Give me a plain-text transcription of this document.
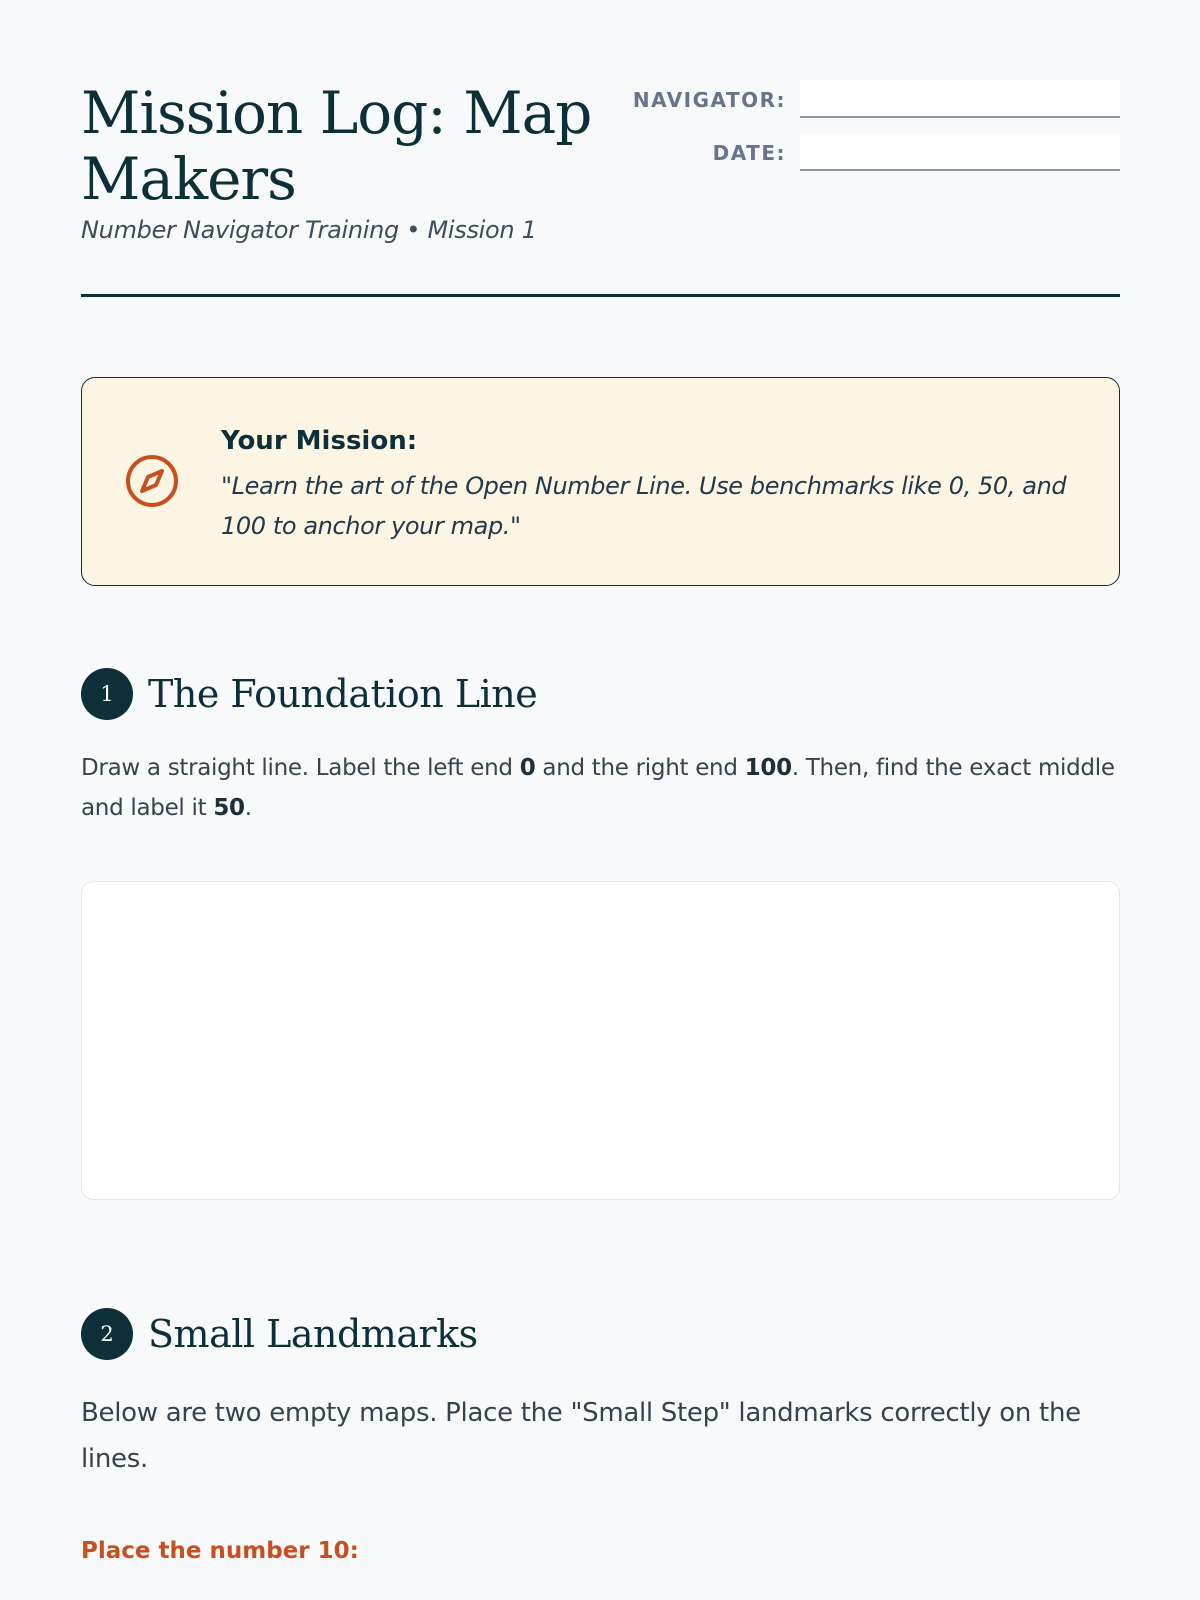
Mission Log: Map Makers
Number Navigator Training • Mission 1
NAVIGATOR:
DATE:
Your Mission:
"Learn the art of the Open Number Line. Use benchmarks like 0, 50, and 100 to anchor your map."
1 The Foundation Line
Draw a straight line. Label the left end 0 and the right end 100. Then, find the exact middle and label it 50.
2 Small Landmarks
Below are two empty maps. Place the "Small Step" landmarks correctly on the lines.
Place the number 10:
